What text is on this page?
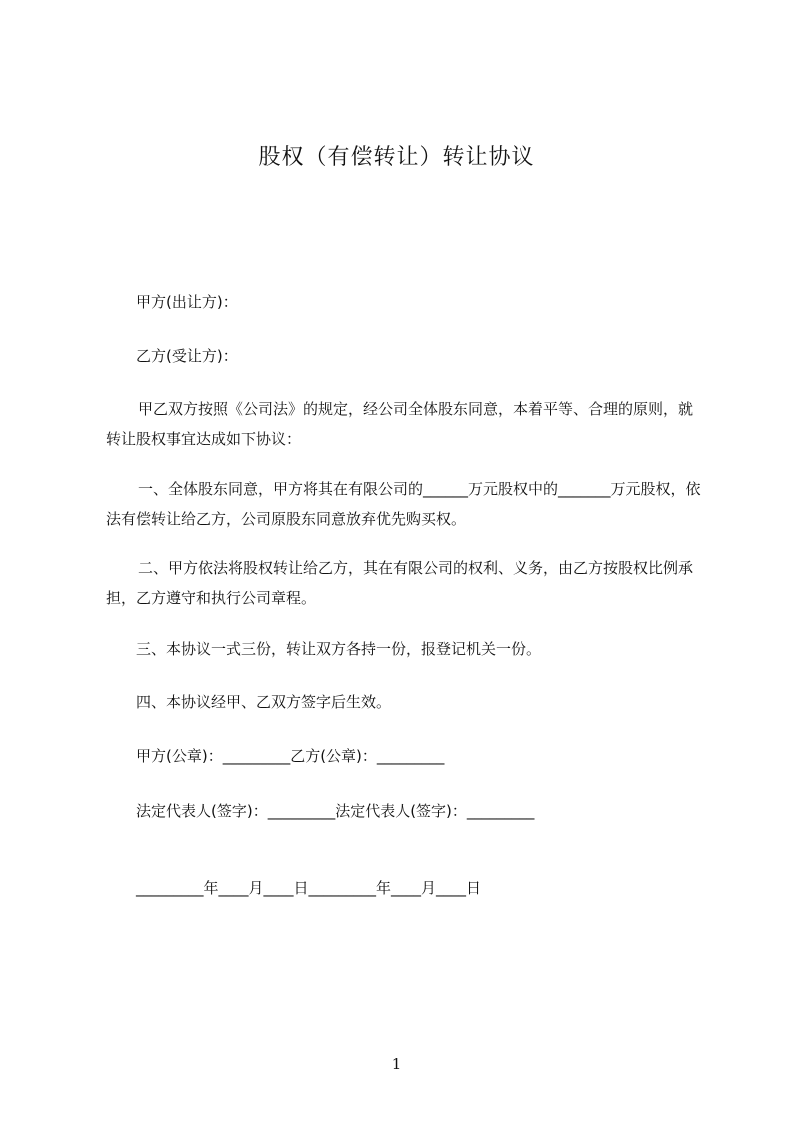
股权（有偿转让）转让协议
甲方(出让方)：
乙方(受让方)：
甲乙双方按照《公司法》的规定，经公司全体股东同意，本着平等、合理的原则，就转让股权事宜达成如下协议：
一、全体股东同意，甲方将其在有限公司的______万元股权中的_______万元股权，依法有偿转让给乙方，公司原股东同意放弃优先购买权。
二、甲方依法将股权转让给乙方，其在有限公司的权利、义务，由乙方按股权比例承担，乙方遵守和执行公司章程。
三、本协议一式三份，转让双方各持一份，报登记机关一份。
四、本协议经甲、乙双方签字后生效。
甲方(公章)：_________乙方(公章)：_________
法定代表人(签字)：_________法定代表人(签字)：_________
_________年____月____日_________年____月____日
1
